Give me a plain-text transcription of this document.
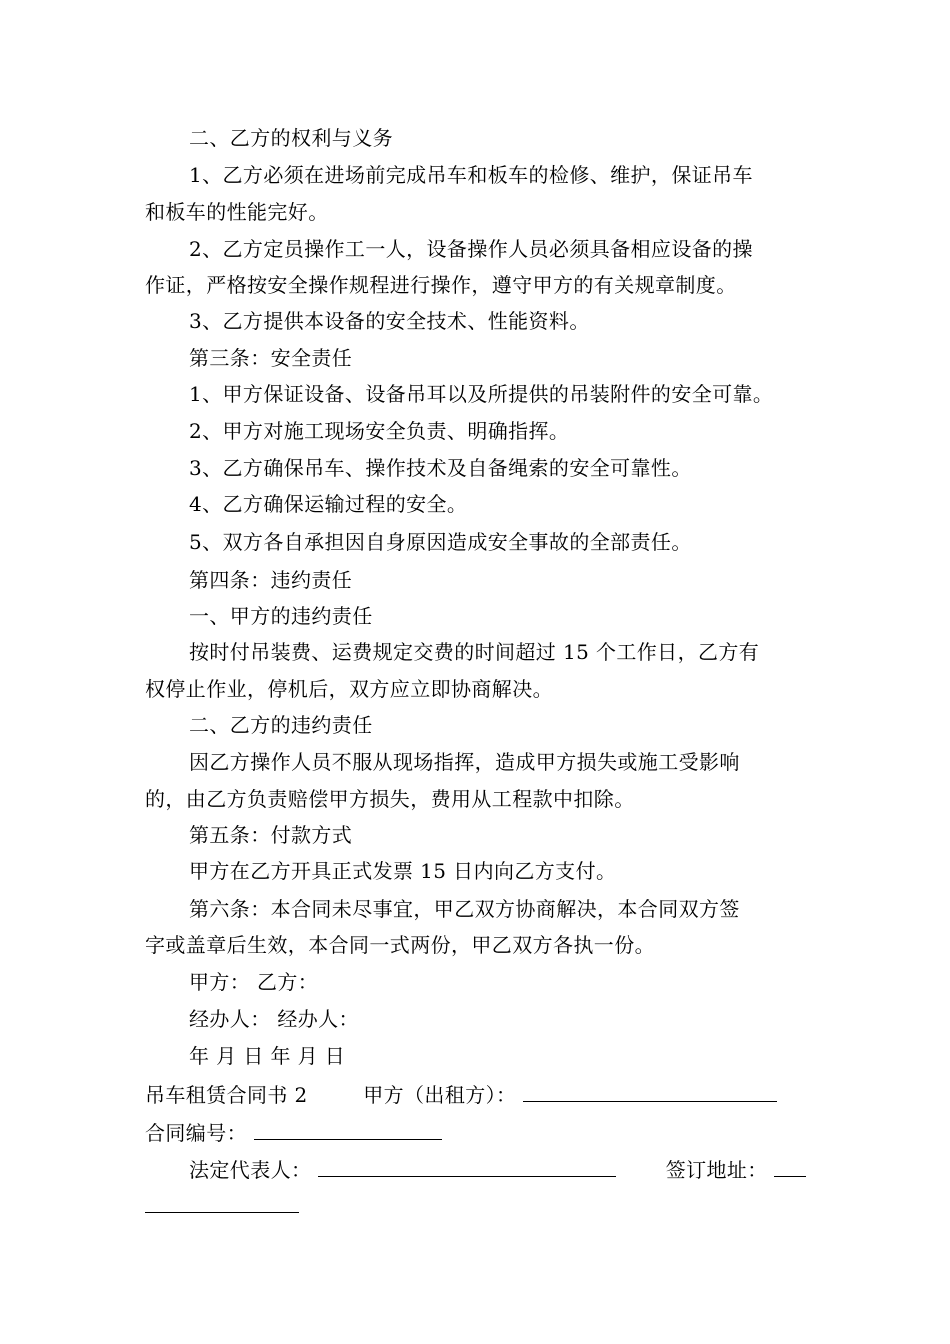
二、乙方的权利与义务
1、乙方必须在进场前完成吊车和板车的检修、维护，保证吊车
和板车的性能完好。
2、乙方定员操作工一人，设备操作人员必须具备相应设备的操
作证，严格按安全操作规程进行操作，遵守甲方的有关规章制度。
3、乙方提供本设备的安全技术、性能资料。
第三条：安全责任
1、甲方保证设备、设备吊耳以及所提供的吊装附件的安全可靠。
2、甲方对施工现场安全负责、明确指挥。
3、乙方确保吊车、操作技术及自备绳索的安全可靠性。
4、乙方确保运输过程的安全。
5、双方各自承担因自身原因造成安全事故的全部责任。
第四条：违约责任
一、甲方的违约责任
按时付吊装费、运费规定交费的时间超过 15 个工作日，乙方有
权停止作业，停机后，双方应立即协商解决。
二、乙方的违约责任
因乙方操作人员不服从现场指挥，造成甲方损失或施工受影响
的，由乙方负责赔偿甲方损失，费用从工程款中扣除。
第五条：付款方式
甲方在乙方开具正式发票 15 日内向乙方支付。
第六条：本合同未尽事宜，甲乙双方协商解决，本合同双方签
字或盖章后生效，本合同一式两份，甲乙双方各执一份。
甲方： 乙方：
经办人： 经办人：
年 月 日 年 月 日
吊车租赁合同书 2	甲方（出租方）：
合同编号：
法定代表人：	签订地址：
